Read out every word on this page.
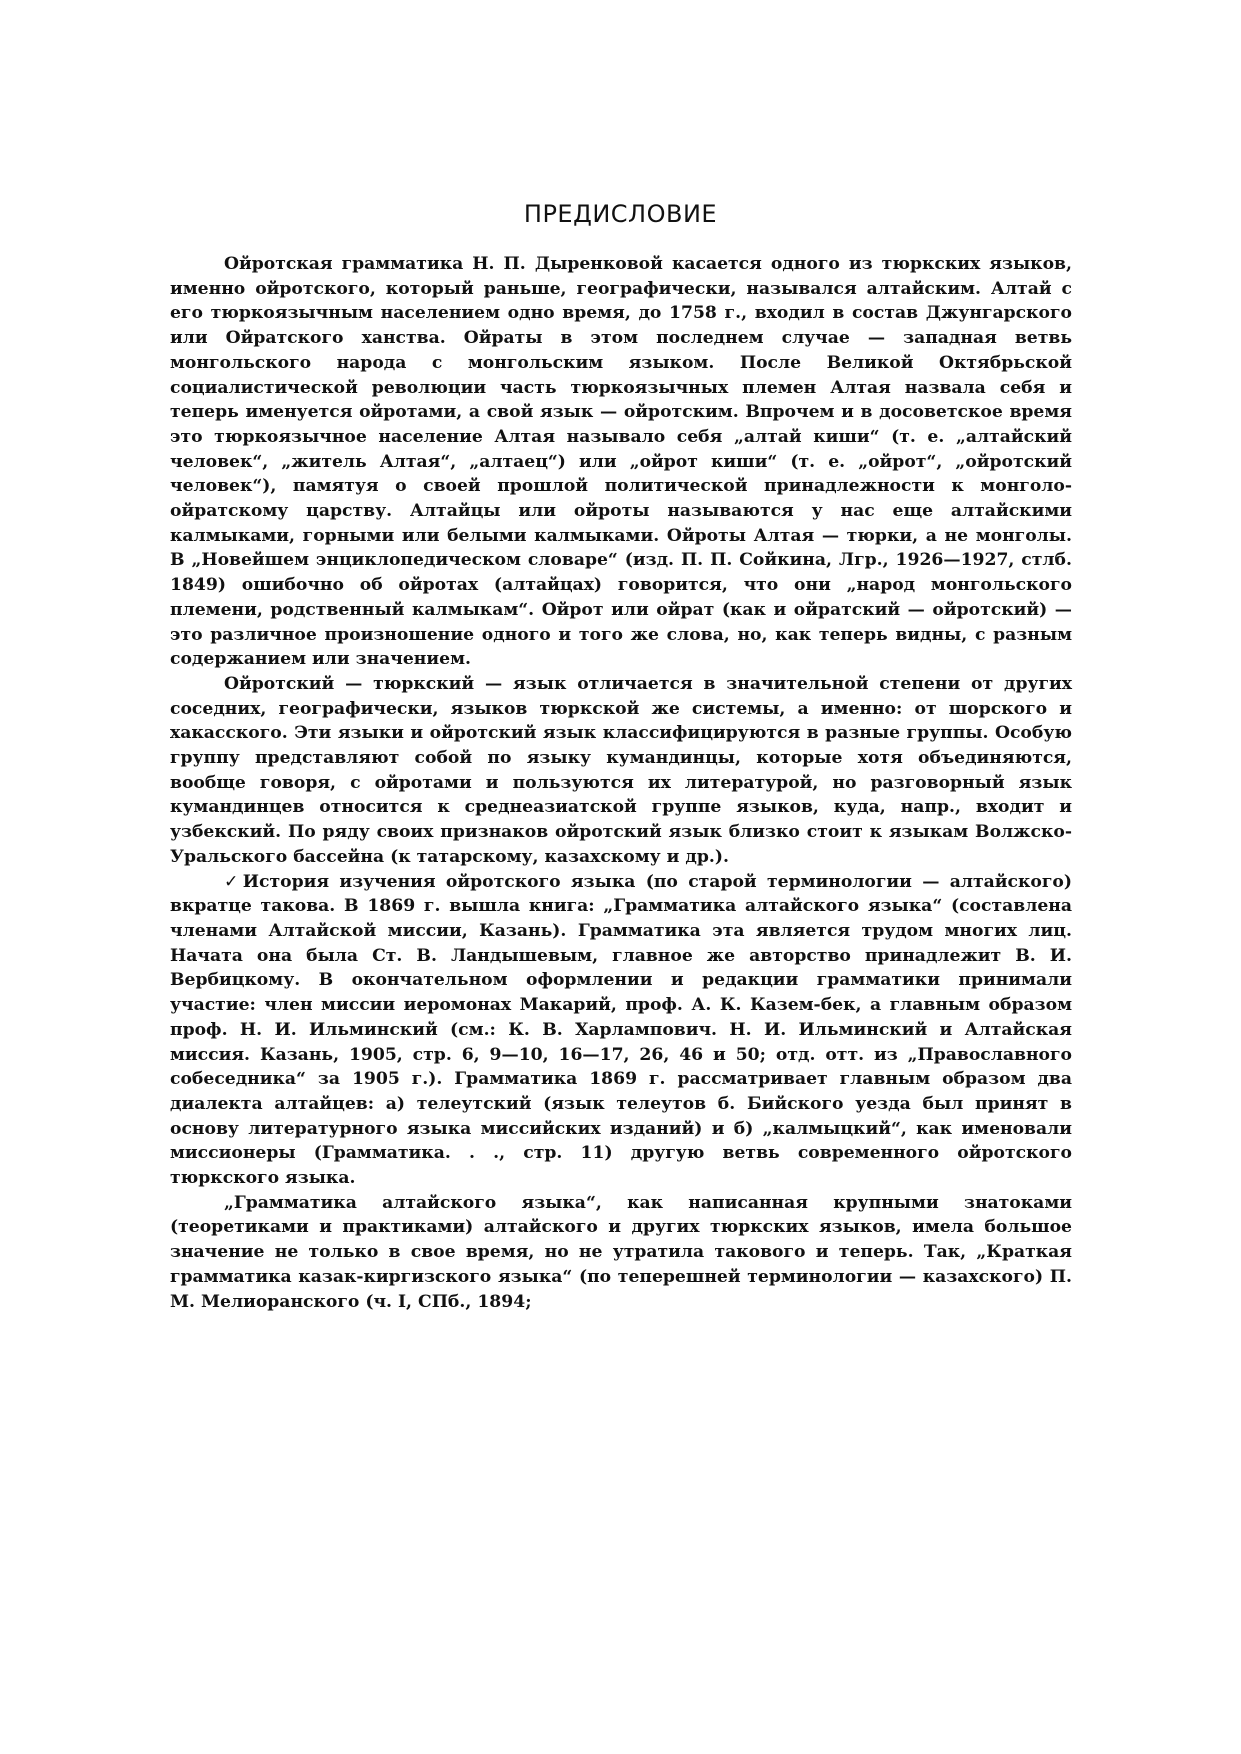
ПРЕДИСЛОВИЕ

Ойротская грамматика Н. П. Дыренковой касается одного из тюркских языков, именно ойротского, который раньше, географически, назывался алтайским. Алтай с его тюркоязычным населением одно время, до 1758 г., входил в состав Джунгарского или Ойратского ханства. Ойраты в этом последнем случае — западная ветвь монгольского народа с монгольским языком. После Великой Октябрьской социалистической революции часть тюркоязычных племен Алтая назвала себя и теперь именуется ойротами, а свой язык — ойротским. Впрочем и в досоветское время это тюркоязычное население Алтая называло себя „алтай киши“ (т. е. „алтайский человек“, „житель Алтая“, „алтаец“) или „ойрот киши“ (т. е. „ойрот“, „ойротский человек“), памятуя о своей прошлой политической принадлежности к монголо-ойратскому царству. Алтайцы или ойроты называются у нас еще алтайскими калмыками, горными или белыми калмыками. Ойроты Алтая — тюрки, а не монголы. В „Новейшем энциклопедическом словаре“ (изд. П. П. Сойкина, Лгр., 1926—1927, стлб. 1849) ошибочно об ойротах (алтайцах) говорится, что они „народ монгольского племени, родственный калмыкам“. Ойрот или ойрат (как и ойратский — ойротский) — это различное произношение одного и того же слова, но, как теперь видны, с разным содержанием или значением.

Ойротский — тюркский — язык отличается в значительной степени от других соседних, географически, языков тюркской же системы, а именно: от шорского и хакасского. Эти языки и ойротский язык классифицируются в разные группы. Особую группу представляют собой по языку кумандинцы, которые хотя объединяются, вообще говоря, с ойротами и пользуются их литературой, но разговорный язык кумандинцев относится к среднеазиатской группе языков, куда, напр., входит и узбекский. По ряду своих признаков ойротский язык близко стоит к языкам Волжско-Уральского бассейна (к татарскому, казахскому и др.).

✓История изучения ойротского языка (по старой терминологии — алтайского) вкратце такова. В 1869 г. вышла книга: „Грамматика алтайского языка“ (составлена членами Алтайской миссии, Казань). Грамматика эта является трудом многих лиц. Начата она была Ст. В. Ландышевым, главное же авторство принадлежит В. И. Вербицкому. В окончательном оформлении и редакции грамматики принимали участие: член миссии иеромонах Макарий, проф. А. К. Казем-бек, а главным образом проф. Н. И. Ильминский (см.: К. В. Харлампович. Н. И. Ильминский и Алтайская миссия. Казань, 1905, стр. 6, 9—10, 16—17, 26, 46 и 50; отд. отт. из „Православного собеседника“ за 1905 г.). Грамматика 1869 г. рассматривает главным образом два диалекта алтайцев: а) телеутский (язык телеутов б. Бийского уезда был принят в основу литературного языка миссийских изданий) и б) „калмыцкий“, как именовали миссионеры (Грамматика. . ., стр. 11) другую ветвь современного ойротского тюркского языка.

„Грамматика алтайского языка“, как написанная крупными знатоками (теоретиками и практиками) алтайского и других тюркских языков, имела большое значение не только в свое время, но не утратила такового и теперь. Так, „Краткая грамматика казак-киргизского языка“ (по теперешней терминологии — казахского) П. М. Мелиоранского (ч. I, СПб., 1894;
